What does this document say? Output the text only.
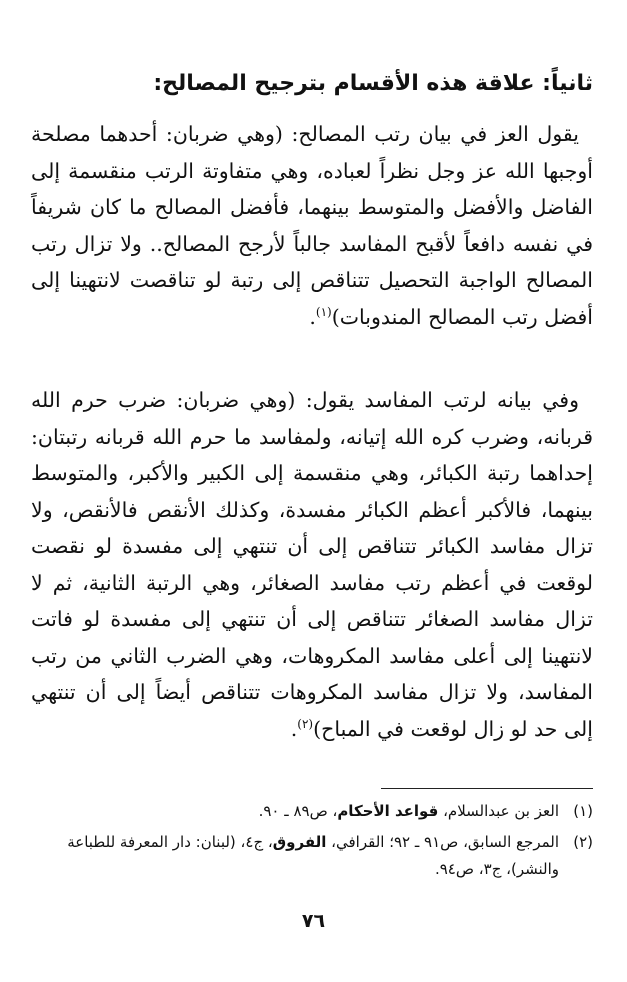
ثانياً: علاقة هذه الأقسام بترجيح المصالح:

يقول العز في بيان رتب المصالح: (وهي ضربان: أحدهما مصلحة أوجبها الله عز وجل نظراً لعباده، وهي متفاوتة الرتب منقسمة إلى الفاضل والأفضل والمتوسط بينهما، فأفضل المصالح ما كان شريفاً في نفسه دافعاً لأقبح المفاسد جالباً لأرجح المصالح.. ولا تزال رتب المصالح الواجبة التحصيل تتناقص إلى رتبة لو تناقصت لانتهينا إلى أفضل رتب المصالح المندوبات)$^{(١)}$.

وفي بيانه لرتب المفاسد يقول: (وهي ضربان: ضرب حرم الله قربانه، وضرب كره الله إتيانه، ولمفاسد ما حرم الله قربانه رتبتان: إحداهما رتبة الكبائر، وهي منقسمة إلى الكبير والأكبر، والمتوسط بينهما، فالأكبر أعظم الكبائر مفسدة، وكذلك الأنقص فالأنقص، ولا تزال مفاسد الكبائر تتناقص إلى أن تنتهي إلى مفسدة لو نقصت لوقعت في أعظم رتب مفاسد الصغائر، وهي الرتبة الثانية، ثم لا تزال مفاسد الصغائر تتناقص إلى أن تنتهي إلى مفسدة لو فاتت لانتهينا إلى أعلى مفاسد المكروهات، وهي الضرب الثاني من رتب المفاسد، ولا تزال مفاسد المكروهات تتناقص أيضاً إلى أن تنتهي إلى حد لو زال لوقعت في المباح)$^{(٢)}$.

(١)
العز بن عبدالسلام، قواعد الأحكام، ص٨٩ ـ ٩٠.
(٢)
المرجع السابق، ص٩١ ـ ٩٢؛ القرافي، الفروق، ج٤، (لبنان: دار المعرفة للطباعة والنشر)، ج٣، ص٩٤.
٧٦
